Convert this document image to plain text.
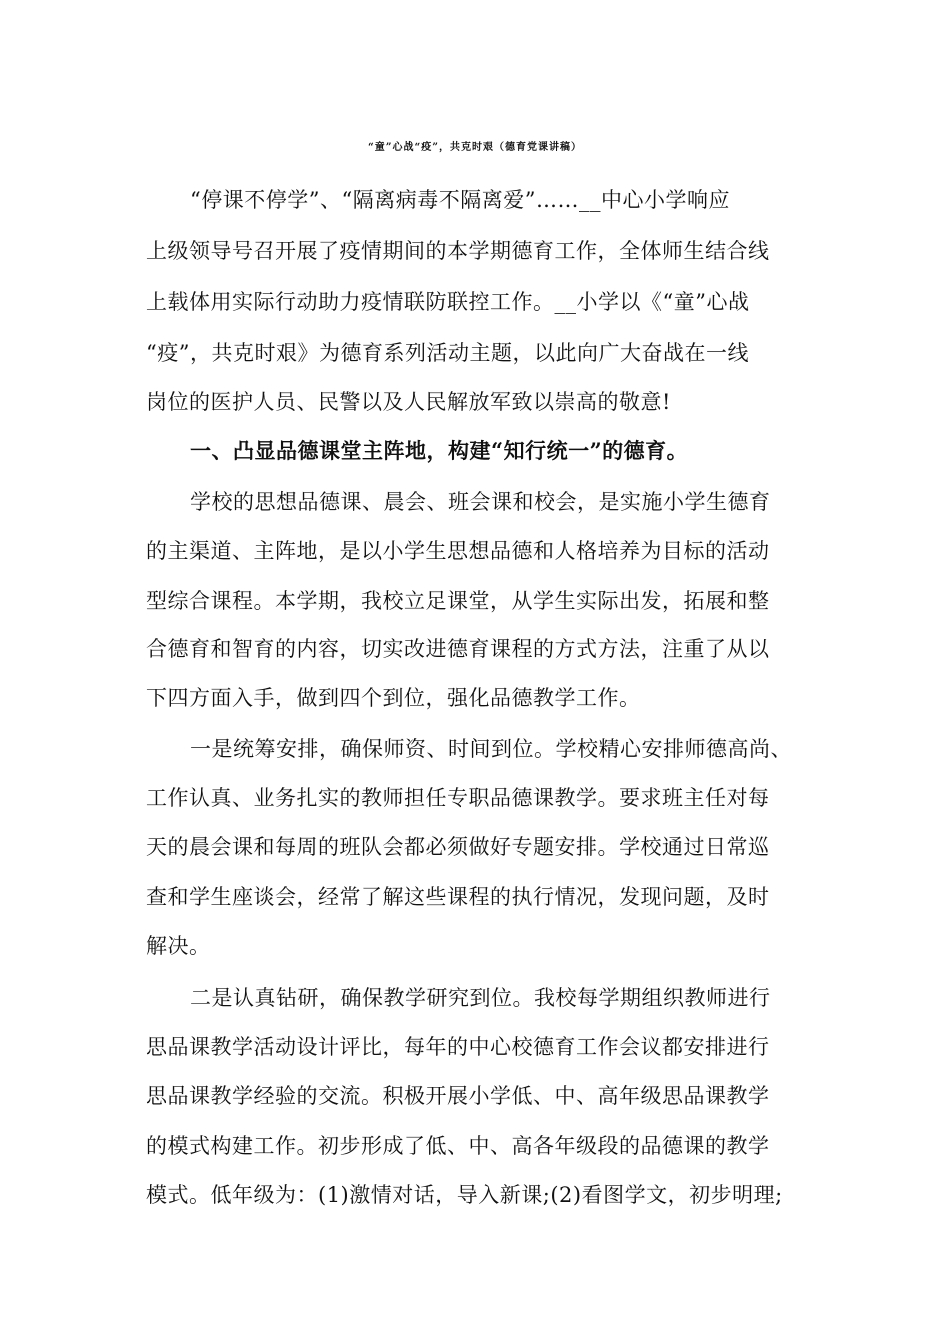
“童”心战“疫”，共克时艰（德育党课讲稿）
“停课不停学”、“隔离病毒不隔离爱”……__中心小学响应
上级领导号召开展了疫情期间的本学期德育工作，全体师生结合线
上载体用实际行动助力疫情联防联控工作。__小学以《“童”心战
“疫”，共克时艰》为德育系列活动主题，以此向广大奋战在一线
岗位的医护人员、民警以及人民解放军致以崇高的敬意!
一、凸显品德课堂主阵地，构建“知行统一”的德育。
学校的思想品德课、晨会、班会课和校会，是实施小学生德育
的主渠道、主阵地，是以小学生思想品德和人格培养为目标的活动
型综合课程。本学期，我校立足课堂，从学生实际出发，拓展和整
合德育和智育的内容，切实改进德育课程的方式方法，注重了从以
下四方面入手，做到四个到位，强化品德教学工作。
一是统筹安排，确保师资、时间到位。学校精心安排师德高尚、
工作认真、业务扎实的教师担任专职品德课教学。要求班主任对每
天的晨会课和每周的班队会都必须做好专题安排。学校通过日常巡
查和学生座谈会，经常了解这些课程的执行情况，发现问题，及时
解决。
二是认真钻研，确保教学研究到位。我校每学期组织教师进行
思品课教学活动设计评比，每年的中心校德育工作会议都安排进行
思品课教学经验的交流。积极开展小学低、中、高年级思品课教学
的模式构建工作。初步形成了低、中、高各年级段的品德课的教学
模式。低年级为：(1)激情对话，导入新课;(2)看图学文，初步明理;
